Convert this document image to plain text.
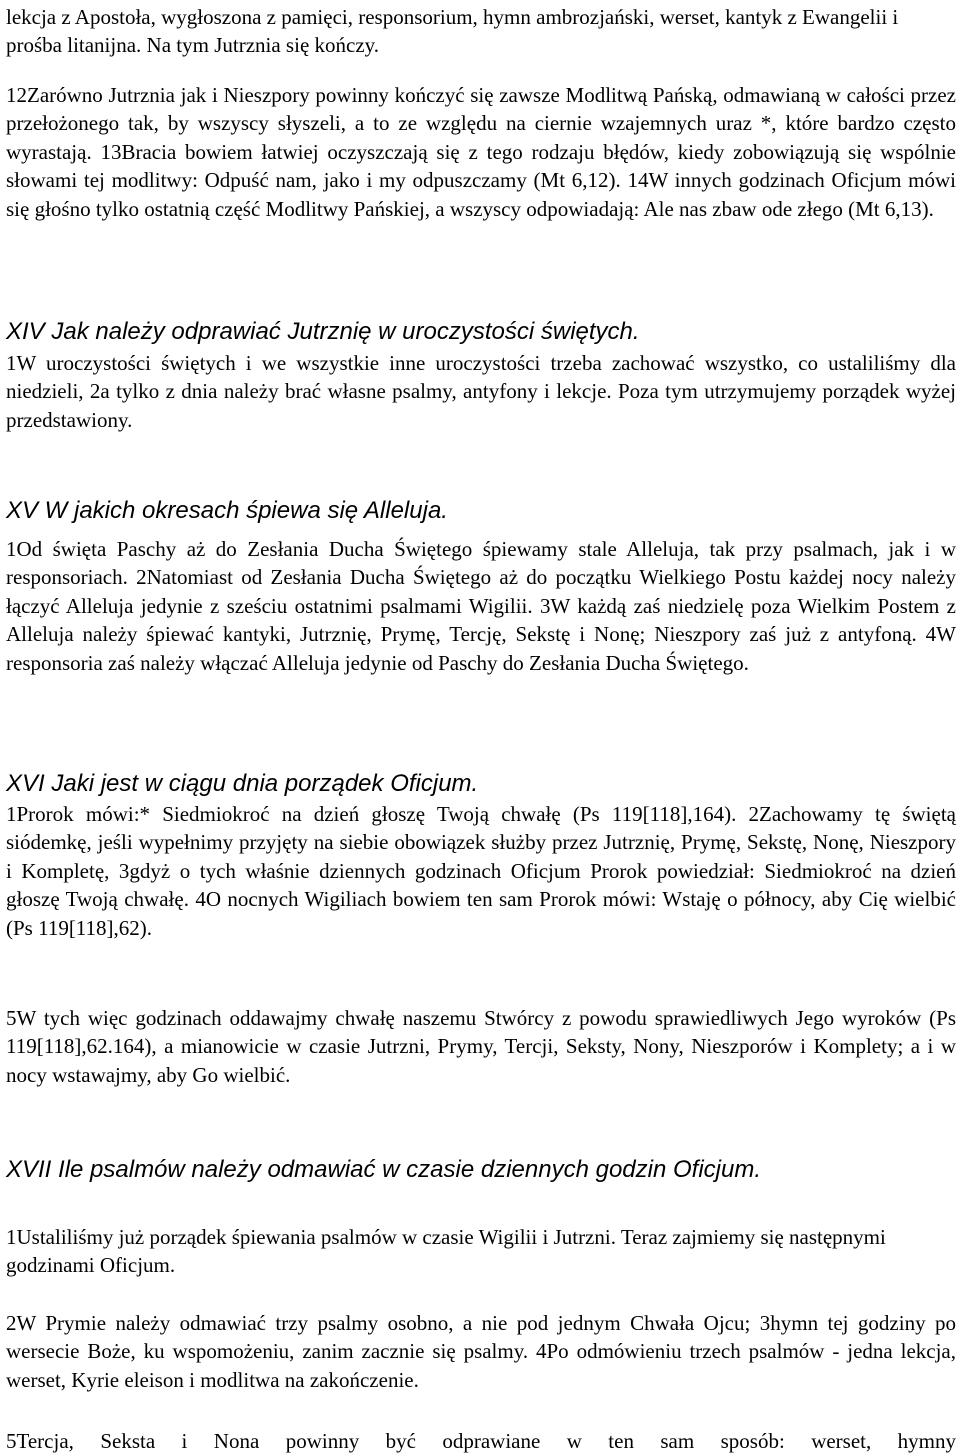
lekcja z Apostoła, wygłoszona z pamięci, responsorium, hymn ambrozjański, werset, kantyk z Ewangelii i prośba litanijna. Na tym Jutrznia się kończy.

12Zarówno Jutrznia jak i Nieszpory powinny kończyć się zawsze Modlitwą Pańską, odmawianą w całości przez przełożonego tak, by wszyscy słyszeli, a to ze względu na ciernie wzajemnych uraz *, które bardzo często wyrastają. 13Bracia bowiem łatwiej oczyszczają się z tego rodzaju błędów, kiedy zobowiązują się wspólnie słowami tej modlitwy: Odpuść nam, jako i my odpuszczamy (Mt 6,12). 14W innych godzinach Oficjum mówi się głośno tylko ostatnią część Modlitwy Pańskiej, a wszyscy odpowiadają: Ale nas zbaw ode złego (Mt 6,13).

XIV Jak należy odprawiać Jutrznię w uroczystości świętych.

1W uroczystości świętych i we wszystkie inne uroczystości trzeba zachować wszystko, co ustaliliśmy dla niedzieli, 2a tylko z dnia należy brać własne psalmy, antyfony i lekcje. Poza tym utrzymujemy porządek wyżej przedstawiony.

XV W jakich okresach śpiewa się Alleluja.

1Od święta Paschy aż do Zesłania Ducha Świętego śpiewamy stale Alleluja, tak przy psalmach, jak i w responsoriach. 2Natomiast od Zesłania Ducha Świętego aż do początku Wielkiego Postu każdej nocy należy łączyć Alleluja jedynie z sześciu ostatnimi psalmami Wigilii. 3W każdą zaś niedzielę poza Wielkim Postem z Alleluja należy śpiewać kantyki, Jutrznię, Prymę, Tercję, Sekstę i Nonę; Nieszpory zaś już z antyfoną. 4W responsoria zaś należy włączać Alleluja jedynie od Paschy do Zesłania Ducha Świętego.

XVI Jaki jest w ciągu dnia porządek Oficjum.

1Prorok mówi:* Siedmiokroć na dzień głoszę Twoją chwałę (Ps 119[118],164). 2Zachowamy tę świętą siódemkę, jeśli wypełnimy przyjęty na siebie obowiązek służby przez Jutrznię, Prymę, Sekstę, Nonę, Nieszpory i Kompletę, 3gdyż o tych właśnie dziennych godzinach Oficjum Prorok powiedział: Siedmiokroć na dzień głoszę Twoją chwałę. 4O nocnych Wigiliach bowiem ten sam Prorok mówi: Wstaję o północy, aby Cię wielbić (Ps 119[118],62).

5W tych więc godzinach oddawajmy chwałę naszemu Stwórcy z powodu sprawiedliwych Jego wyroków (Ps 119[118],62.164), a mianowicie w czasie Jutrzni, Prymy, Tercji, Seksty, Nony, Nieszporów i Komplety; a i w nocy wstawajmy, aby Go wielbić.

XVII Ile psalmów należy odmawiać w czasie dziennych godzin Oficjum.

1Ustaliliśmy już porządek śpiewania psalmów w czasie Wigilii i Jutrzni. Teraz zajmiemy się następnymi godzinami Oficjum.

2W Prymie należy odmawiać trzy psalmy osobno, a nie pod jednym Chwała Ojcu; 3hymn tej godziny po wersecie Boże, ku wspomożeniu, zanim zacznie się psalmy. 4Po odmówieniu trzech psalmów - jedna lekcja, werset, Kyrie eleison i modlitwa na zakończenie.

5Tercja, Seksta i Nona powinny być odprawiane w ten sam sposób: werset, hymny
